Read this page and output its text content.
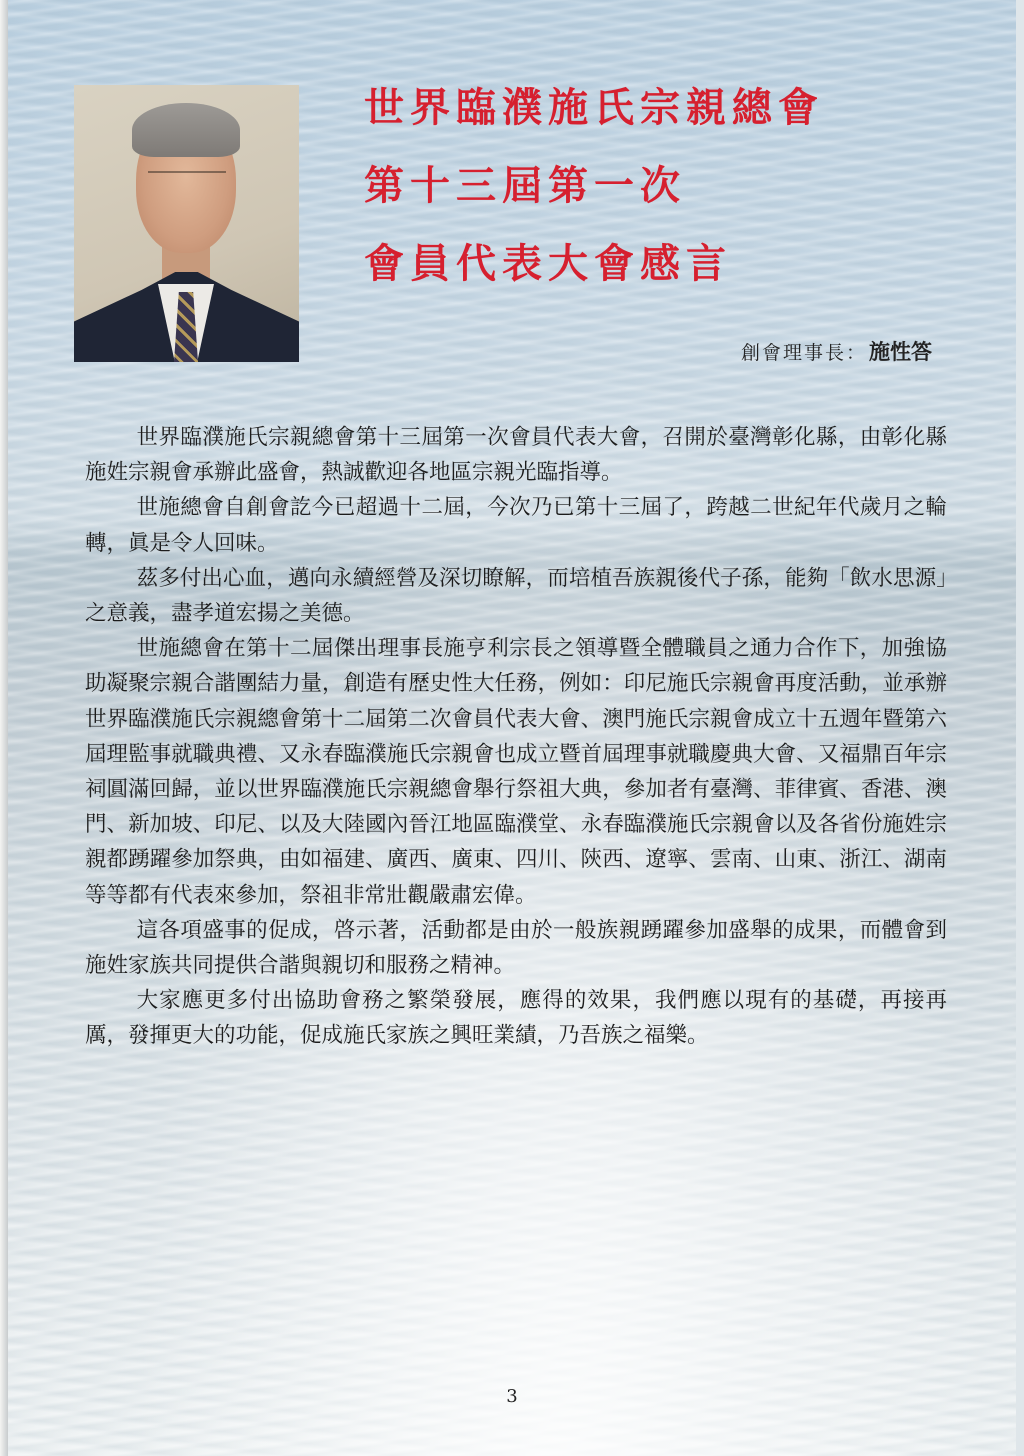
世界臨濮施氏宗親總會
第十三屆第一次
會員代表大會感言
創會理事長：施性答

世界臨濮施氏宗親總會第十三屆第一次會員代表大會，召開於臺灣彰化縣，由彰化縣施姓宗親會承辦此盛會，熱誠歡迎各地區宗親光臨指導。

世施總會自創會訖今已超過十二屆，今次乃已第十三屆了，跨越二世紀年代歲月之輪轉，眞是令人回味。

茲多付出心血，邁向永續經營及深切瞭解，而培植吾族親後代子孫，能夠「飲水思源」之意義，盡孝道宏揚之美德。

世施總會在第十二屆傑出理事長施亨利宗長之領導暨全體職員之通力合作下，加強協助凝聚宗親合諧團結力量，創造有歷史性大任務，例如：印尼施氏宗親會再度活動，並承辦世界臨濮施氏宗親總會第十二屆第二次會員代表大會、澳門施氏宗親會成立十五週年暨第六屆理監事就職典禮、又永春臨濮施氏宗親會也成立暨首屆理事就職慶典大會、又福鼎百年宗祠圓滿回歸，並以世界臨濮施氏宗親總會舉行祭祖大典，參加者有臺灣、菲律賓、香港、澳門、新加坡、印尼、以及大陸國內晉江地區臨濮堂、永春臨濮施氏宗親會以及各省份施姓宗親都踴躍參加祭典，由如福建、廣西、廣東、四川、陝西、遼寧、雲南、山東、浙江、湖南等等都有代表來參加，祭祖非常壯觀嚴肅宏偉。

這各項盛事的促成，啓示著，活動都是由於一般族親踴躍參加盛舉的成果，而體會到施姓家族共同提供合諧與親切和服務之精神。

大家應更多付出協助會務之繁榮發展，應得的效果，我們應以現有的基礎，再接再厲，發揮更大的功能，促成施氏家族之興旺業績，乃吾族之福樂。

3
